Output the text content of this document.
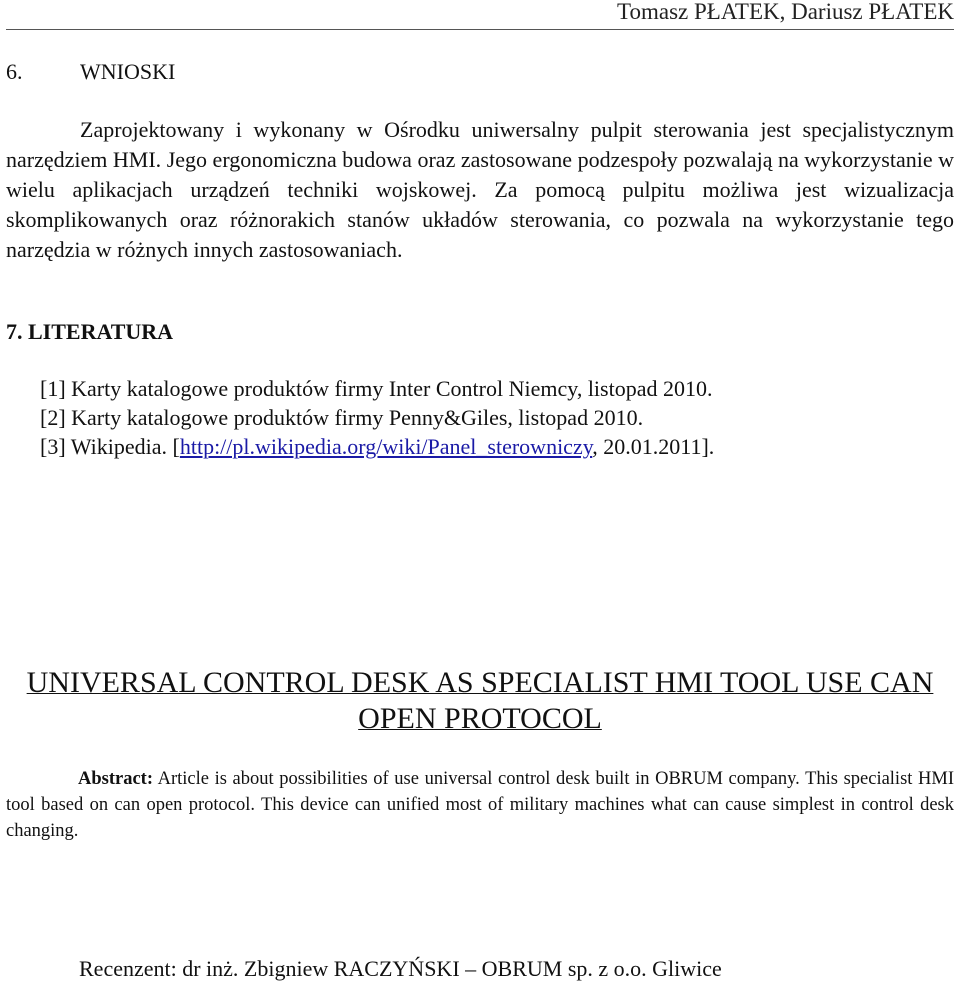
Tomasz PŁATEK, Dariusz PŁATEK
6.	WNIOSKI

Zaprojektowany i wykonany w Ośrodku uniwersalny pulpit sterowania jest specjalistycznym narzędziem HMI. Jego ergonomiczna budowa oraz zastosowane podzespoły pozwalają na wykorzystanie w wielu aplikacjach urządzeń techniki wojskowej. Za pomocą pulpitu możliwa jest wizualizacja skomplikowanych oraz różnorakich stanów układów sterowania, co pozwala na wykorzystanie tego narzędzia w różnych innych zastosowaniach.

7. LITERATURA
[1] Karty katalogowe produktów firmy Inter Control Niemcy, listopad 2010.
[2] Karty katalogowe produktów firmy Penny&Giles, listopad 2010.
[3] Wikipedia. [http://pl.wikipedia.org/wiki/Panel_sterowniczy, 20.01.2011].
UNIVERSAL CONTROL DESK AS SPECIALIST HMI TOOL USE CAN OPEN PROTOCOL

Abstract: Article is about possibilities of use universal control desk built in OBRUM company. This specialist HMI tool based on can open protocol. This device can unified most of military machines what can cause simplest in control desk changing.

Recenzent: dr inż. Zbigniew RACZYŃSKI – OBRUM sp. z o.o. Gliwice
